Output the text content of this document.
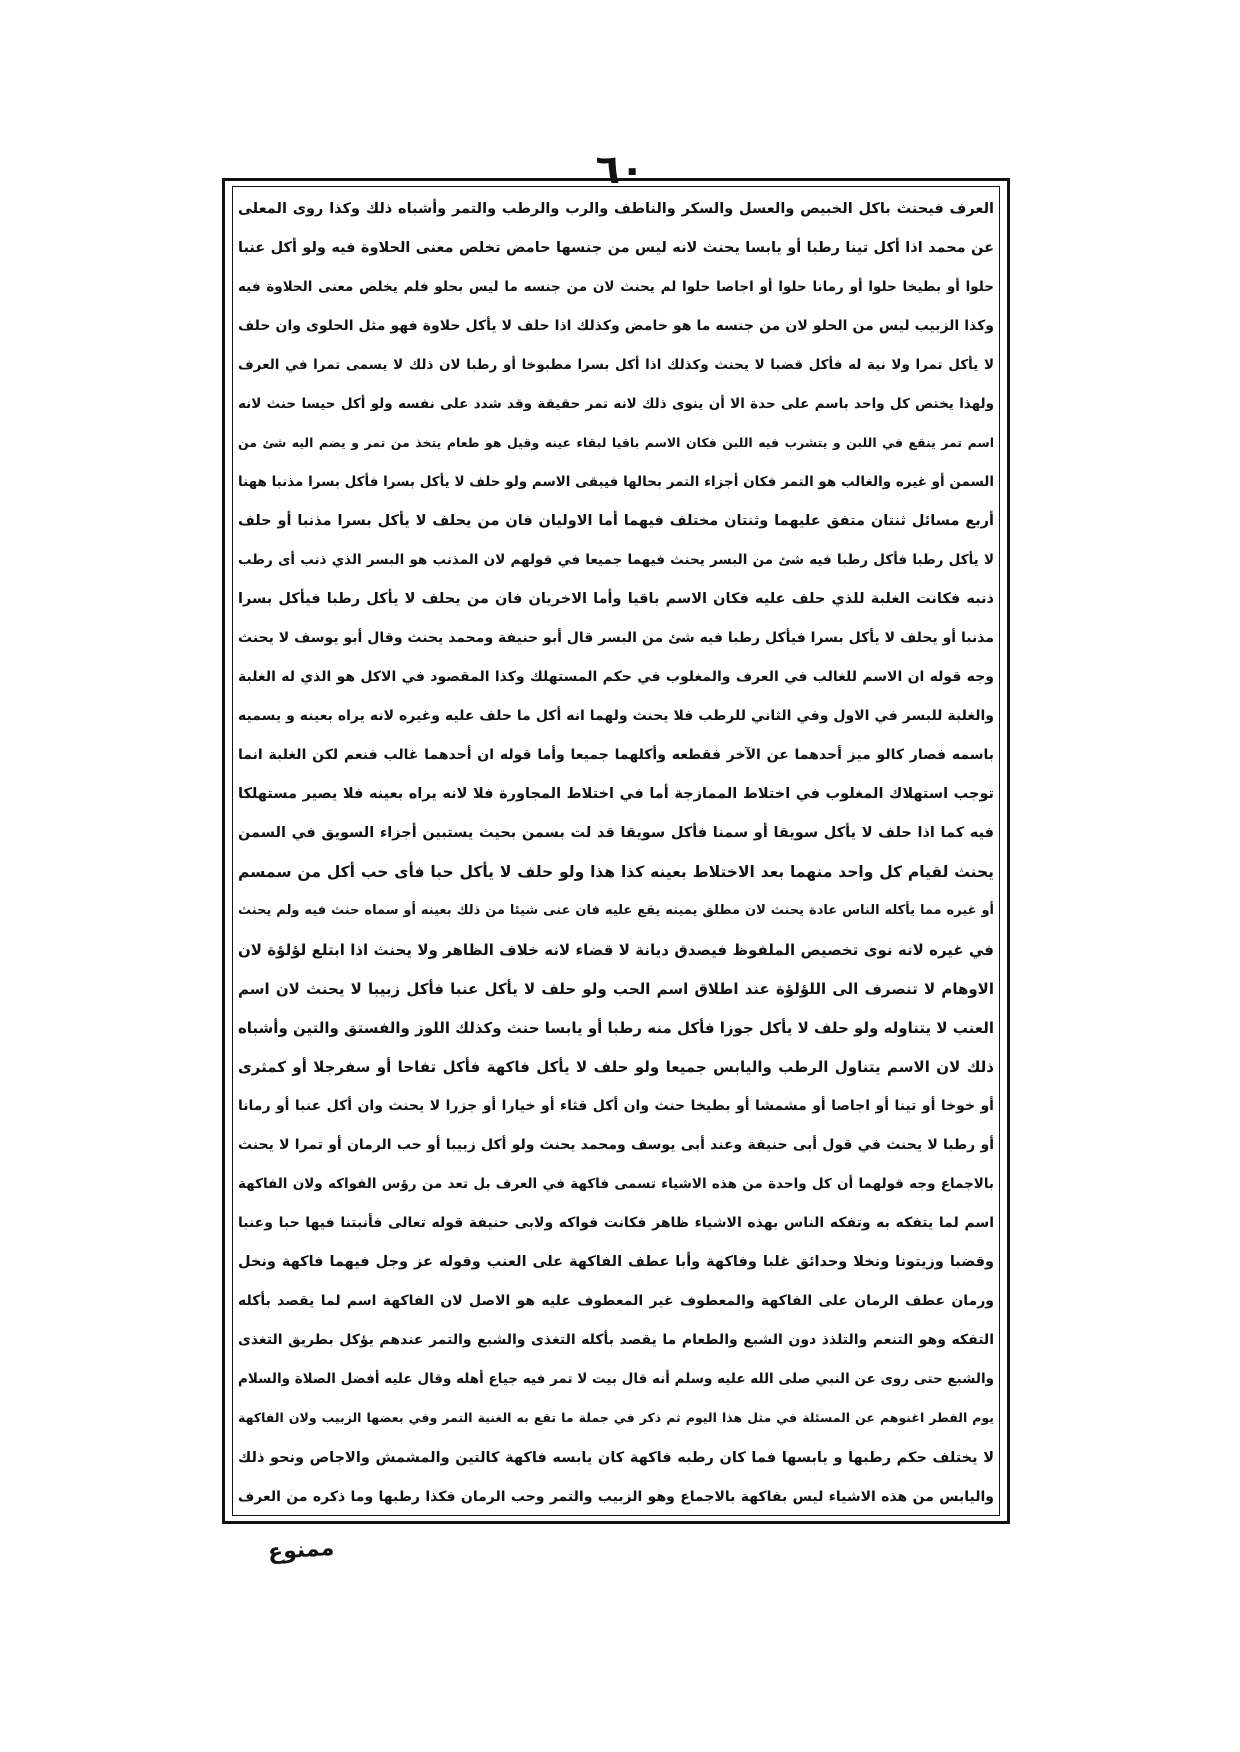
٦٠
العرف فيحنث باكل الخبيص والعسل والسكر والناطف والرب والرطب والتمر وأشباه ذلك وكذا روى المعلى
عن محمد اذا أكل تينا رطبا أو يابسا يحنث لانه ليس من جنسها حامض تخلص معنى الحلاوة فيه ولو أكل عنبا
حلوا أو بطيخا حلوا أو رمانا حلوا أو اجاصا حلوا لم يحنث لان من جنسه ما ليس بحلو فلم يخلص معنى الحلاوة فيه
وكذا الزبيب ليس من الحلو لان من جنسه ما هو حامض وكذلك اذا حلف لا يأكل حلاوة فهو مثل الحلوى وان حلف
لا يأكل تمرا ولا نية له فأكل قضبا لا يحنث وكذلك اذا أكل بسرا مطبوخا أو رطبا لان ذلك لا يسمى تمرا في العرف
ولهذا يختص كل واحد باسم على حدة الا أن ينوى ذلك لانه تمر حقيقة وقد شدد على نفسه ولو أكل حيسا حنث لانه
اسم تمر ينقع في اللبن و يتشرب فيه اللبن فكان الاسم باقيا لبقاء عينه وقيل هو طعام يتخذ من تمر و يضم اليه شئ من
السمن أو غيره والغالب هو التمر فكان أجزاء التمر بحالها فيبقى الاسم ولو حلف لا يأكل بسرا فأكل بسرا مذنبا ههنا
أربع مسائل ثنتان متفق عليهما وثنتان مختلف فيهما أما الاوليان فان من يحلف لا يأكل بسرا مذنبا أو حلف
لا يأكل رطبا فأكل رطبا فيه شئ من البسر يحنث فيهما جميعا في قولهم لان المذنب هو البسر الذي ذنب أى رطب
ذنبه فكانت الغلبة للذي حلف عليه فكان الاسم باقيا وأما الاخريان فان من يحلف لا يأكل رطبا فيأكل بسرا
مذنبا أو يحلف لا يأكل بسرا فيأكل رطبا فيه شئ من البسر قال أبو حنيفة ومحمد يحنث وقال أبو يوسف لا يحنث
وجه قوله ان الاسم للغالب في العرف والمغلوب في حكم المستهلك وكذا المقصود في الاكل هو الذي له الغلبة
والغلبة للبسر في الاول وفي الثاني للرطب فلا يحنث ولهما انه أكل ما حلف عليه وغيره لانه يراه بعينه و يسميه
باسمه فصار كالو ميز أحدهما عن الآخر فقطعه وأكلهما جميعا وأما قوله ان أحدهما غالب فنعم لكن الغلبة انما
توجب استهلاك المغلوب في اختلاط الممازجة أما في اختلاط المجاورة فلا لانه يراه بعينه فلا يصير مستهلكا
فيه كما اذا حلف لا يأكل سويقا أو سمنا فأكل سويقا قد لت بسمن بحيث يستبين أجزاء السويق في السمن
يحنث لقيام كل واحد منهما بعد الاختلاط بعينه كذا هذا ولو حلف لا يأكل حبا فأى حب أكل من سمسم
أو غيره مما يأكله الناس عادة يحنث لان مطلق يمينه يقع عليه فان عنى شيئا من ذلك بعينه أو سماه حنث فيه ولم يحنث
في غيره لانه نوى تخصيص الملفوظ فيصدق ديانة لا قضاء لانه خلاف الظاهر ولا يحنث اذا ابتلع لؤلؤة لان
الاوهام لا تنصرف الى اللؤلؤة عند اطلاق اسم الحب ولو حلف لا يأكل عنبا فأكل زبيبا لا يحنث لان اسم
العنب لا يتناوله ولو حلف لا يأكل جوزا فأكل منه رطبا أو يابسا حنث وكذلك اللوز والفستق والتين وأشباه
ذلك لان الاسم يتناول الرطب واليابس جميعا ولو حلف لا يأكل فاكهة فأكل تفاحا أو سفرجلا أو كمثرى
أو خوخا أو تينا أو اجاصا أو مشمشا أو بطيخا حنث وان أكل قثاء أو خيارا أو جزرا لا يحنث وان أكل عنبا أو رمانا
أو رطبا لا يحنث في قول أبى حنيفة وعند أبى يوسف ومحمد يحنث ولو أكل زبيبا أو حب الرمان أو تمرا لا يحنث
بالاجماع وجه قولهما أن كل واحدة من هذه الاشياء تسمى فاكهة في العرف بل تعد من رؤس الفواكه ولان الفاكهة
اسم لما يتفكه به وتفكه الناس بهذه الاشياء ظاهر فكانت فواكه ولابى حنيفة قوله تعالى فأنبتنا فيها حبا وعنبا
وقضبا وزيتونا ونخلا وحدائق غلبا وفاكهة وأبا عطف الفاكهة على العنب وقوله عز وجل فيهما فاكهة ونخل
ورمان عطف الرمان على الفاكهة والمعطوف غير المعطوف عليه هو الاصل لان الفاكهة اسم لما يقصد بأكله
التفكه وهو التنعم والتلذذ دون الشبع والطعام ما يقصد بأكله التغذى والشبع والتمر عندهم يؤكل بطريق التغذى
والشبع حتى روى عن النبي صلى الله عليه وسلم أنه قال بيت لا تمر فيه جياع أهله وقال عليه أفضل الصلاة والسلام
يوم الفطر اغنوهم عن المسئلة في مثل هذا اليوم ثم ذكر في جملة ما تقع به الغنية التمر وفي بعضها الزبيب ولان الفاكهة
لا يختلف حكم رطبها و يابسها فما كان رطبه فاكهة كان يابسه فاكهة كالتين والمشمش والاجاص ونحو ذلك
واليابس من هذه الاشياء ليس بفاكهة بالاجماع وهو الزبيب والتمر وحب الرمان فكذا رطبها وما ذكره من العرف
ممنوع
